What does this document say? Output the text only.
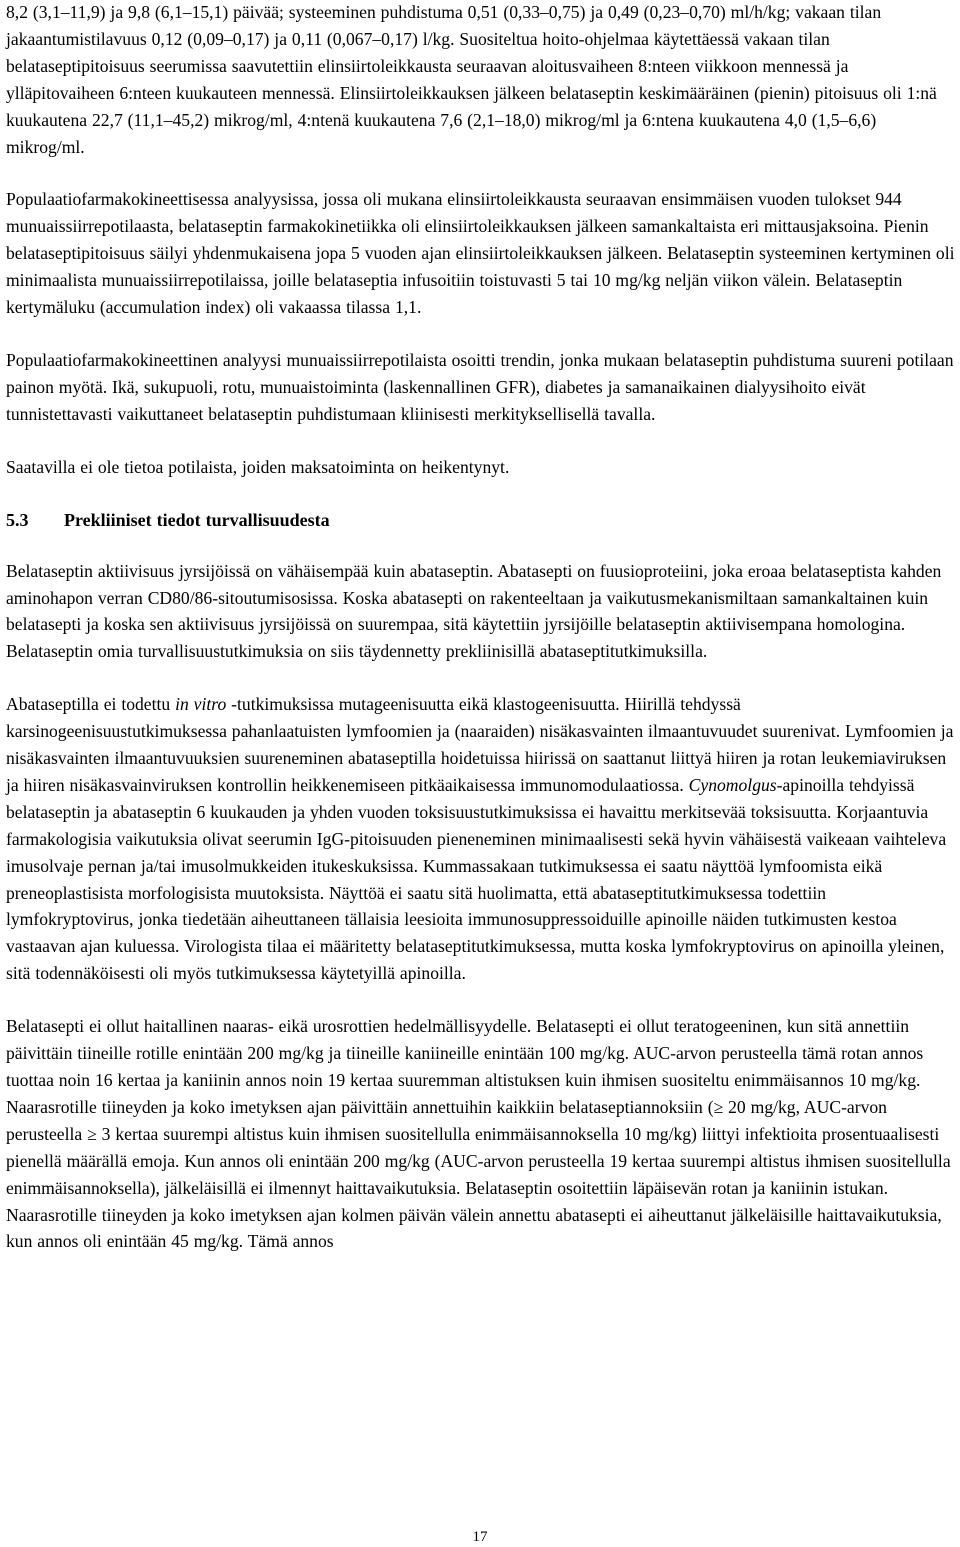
8,2 (3,1–11,9) ja 9,8 (6,1–15,1) päivää; systeeminen puhdistuma 0,51 (0,33–0,75) ja 0,49 (0,23–0,70) ml/h/kg; vakaan tilan jakaantumistilavuus 0,12 (0,09–0,17) ja 0,11 (0,067–0,17) l/kg. Suositeltua hoito-ohjelmaa käytettäessä vakaan tilan belataseptipitoisuus seerumissa saavutettiin elinsiirtoleikkausta seuraavan aloitusvaiheen 8:nteen viikkoon mennessä ja ylläpitovaiheen 6:nteen kuukauteen mennessä. Elinsiirtoleikkauksen jälkeen belataseptin keskimääräinen (pienin) pitoisuus oli 1:nä kuukautena 22,7 (11,1–45,2) mikrog/ml, 4:ntenä kuukautena 7,6 (2,1–18,0) mikrog/ml ja 6:ntena kuukautena 4,0 (1,5–6,6) mikrog/ml.

Populaatiofarmakokineettisessa analyysissa, jossa oli mukana elinsiirtoleikkausta seuraavan ensimmäisen vuoden tulokset 944 munuaissiirrepotilaasta, belataseptin farmakokinetiikka oli elinsiirtoleikkauksen jälkeen samankaltaista eri mittausjaksoina. Pienin belataseptipitoisuus säilyi yhdenmukaisena jopa 5 vuoden ajan elinsiirtoleikkauksen jälkeen. Belataseptin systeeminen kertyminen oli minimaalista munuaissiirrepotilaissa, joille belataseptia infusoitiin toistuvasti 5 tai 10 mg/kg neljän viikon välein. Belataseptin kertymäluku (accumulation index) oli vakaassa tilassa 1,1.

Populaatiofarmakokineettinen analyysi munuaissiirrepotilaista osoitti trendin, jonka mukaan belataseptin puhdistuma suureni potilaan painon myötä. Ikä, sukupuoli, rotu, munuaistoiminta (laskennallinen GFR), diabetes ja samanaikainen dialyysihoito eivät tunnistettavasti vaikuttaneet belataseptin puhdistumaan kliinisesti merkityksellisellä tavalla.

Saatavilla ei ole tietoa potilaista, joiden maksatoiminta on heikentynyt.

5.3 Prekliiniset tiedot turvallisuudesta

Belataseptin aktiivisuus jyrsijöissä on vähäisempää kuin abataseptin. Abatasepti on fuusioproteiini, joka eroaa belataseptista kahden aminohapon verran CD80/86-sitoutumisosissa. Koska abatasepti on rakenteeltaan ja vaikutusmekanismiltaan samankaltainen kuin belatasepti ja koska sen aktiivisuus jyrsijöissä on suurempaa, sitä käytettiin jyrsijöille belataseptin aktiivisempana homologina. Belataseptin omia turvallisuustutkimuksia on siis täydennetty prekliinisillä abataseptitutkimuksilla.

Abataseptilla ei todettu in vitro -tutkimuksissa mutageenisuutta eikä klastogeenisuutta. Hiirillä tehdyssä karsinogeenisuustutkimuksessa pahanlaatuisten lymfoomien ja (naaraiden) nisäkasvainten ilmaantuvuudet suurenivat. Lymfoomien ja nisäkasvainten ilmaantuvuuksien suureneminen abataseptilla hoidetuissa hiirissä on saattanut liittyä hiiren ja rotan leukemiaviruksen ja hiiren nisäkasvainviruksen kontrollin heikkenemiseen pitkäaikaisessa immunomodulaatiossa. Cynomolgus-apinoilla tehdyissä belataseptin ja abataseptin 6 kuukauden ja yhden vuoden toksisuustutkimuksissa ei havaittu merkitsevää toksisuutta. Korjaantuvia farmakologisia vaikutuksia olivat seerumin IgG-pitoisuuden pieneneminen minimaalisesti sekä hyvin vähäisestä vaikeaan vaihteleva imusolvaje pernan ja/tai imusolmukkeiden itukeskuksissa. Kummassakaan tutkimuksessa ei saatu näyttöä lymfoomista eikä preneoplastisista morfologisista muutoksista. Näyttöä ei saatu sitä huolimatta, että abataseptitutkimuksessa todettiin lymfokryptovirus, jonka tiedetään aiheuttaneen tällaisia leesioita immunosuppressoiduille apinoille näiden tutkimusten kestoa vastaavan ajan kuluessa. Virologista tilaa ei määritetty belataseptitutkimuksessa, mutta koska lymfokryptovirus on apinoilla yleinen, sitä todennäköisesti oli myös tutkimuksessa käytetyillä apinoilla.

Belatasepti ei ollut haitallinen naaras- eikä urosrottien hedelmällisyydelle. Belatasepti ei ollut teratogeeninen, kun sitä annettiin päivittäin tiineille rotille enintään 200 mg/kg ja tiineille kaniineille enintään 100 mg/kg. AUC-arvon perusteella tämä rotan annos tuottaa noin 16 kertaa ja kaniinin annos noin 19 kertaa suuremman altistuksen kuin ihmisen suositeltu enimmäisannos 10 mg/kg. Naarasrotille tiineyden ja koko imetyksen ajan päivittäin annettuihin kaikkiin belataseptiannoksiin (≥ 20 mg/kg, AUC-arvon perusteella ≥ 3 kertaa suurempi altistus kuin ihmisen suositellulla enimmäisannoksella 10 mg/kg) liittyi infektioita prosentuaalisesti pienellä määrällä emoja. Kun annos oli enintään 200 mg/kg (AUC-arvon perusteella 19 kertaa suurempi altistus ihmisen suositellulla enimmäisannoksella), jälkeläisillä ei ilmennyt haittavaikutuksia. Belataseptin osoitettiin läpäisevän rotan ja kaniinin istukan. Naarasrotille tiineyden ja koko imetyksen ajan kolmen päivän välein annettu abatasepti ei aiheuttanut jälkeläisille haittavaikutuksia, kun annos oli enintään 45 mg/kg. Tämä annos

17
